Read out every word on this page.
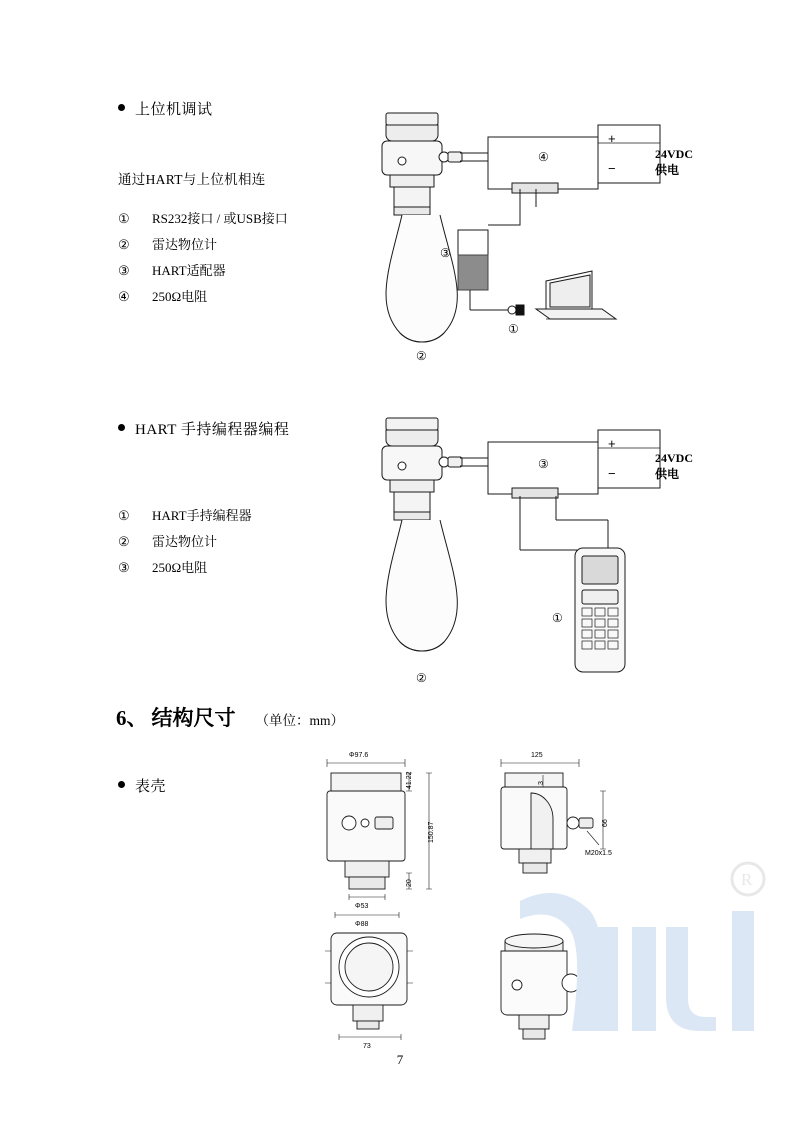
上位机调试
通过HART与上位机相连
①	RS232接口 / 或USB接口
②	雷达物位计
③	HART适配器
④	250Ω电阻
④
+
−
③
①
②
24VDC
供电
HART 手持编程器编程
①	HART手持编程器
②	雷达物位计
③	250Ω电阻
③
+
−
①
②
24VDC
供电
6、 结构尺寸 （单位：mm）
表壳
Φ97.6
41.22
150.87
20
Φ53
Φ88
125
3
66
M20x1.5
73
R
7
